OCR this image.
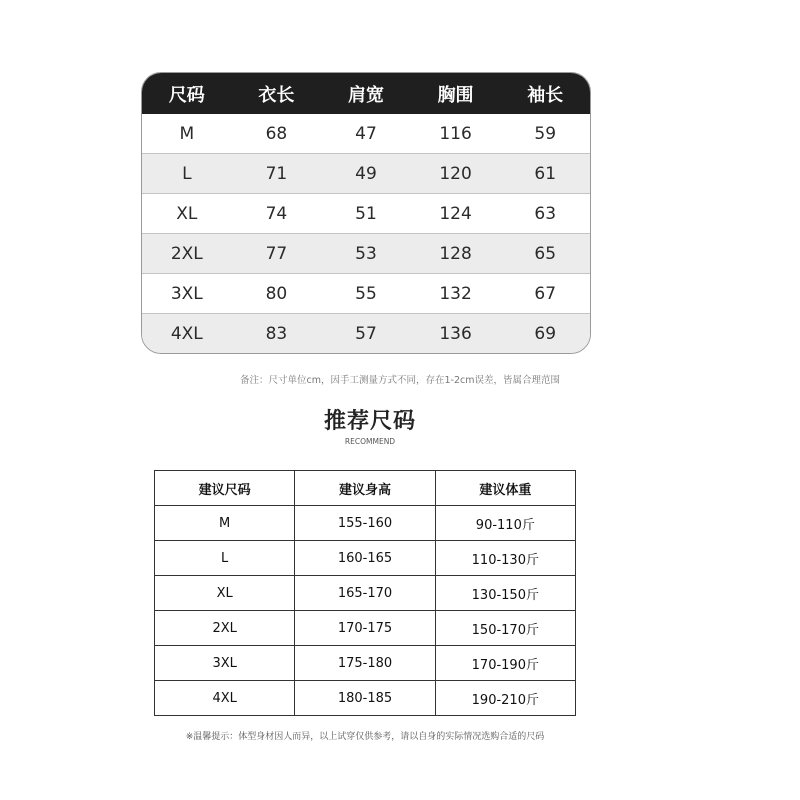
尺码	衣长	肩宽	胸围	袖长
M	68	47	116	59
L	71	49	120	61
XL	74	51	124	63
2XL	77	53	128	65
3XL	80	55	132	67
4XL	83	57	136	69
备注：尺寸单位cm，因手工测量方式不同，存在1-2cm误差，皆属合理范围
推荐尺码
RECOMMEND
建议尺码	建议身高	建议体重
M	155-160	90-110斤
L	160-165	110-130斤
XL	165-170	130-150斤
2XL	170-175	150-170斤
3XL	175-180	170-190斤
4XL	180-185	190-210斤
※温馨提示：体型身材因人而异，以上试穿仅供参考，请以自身的实际情况选购合适的尺码
